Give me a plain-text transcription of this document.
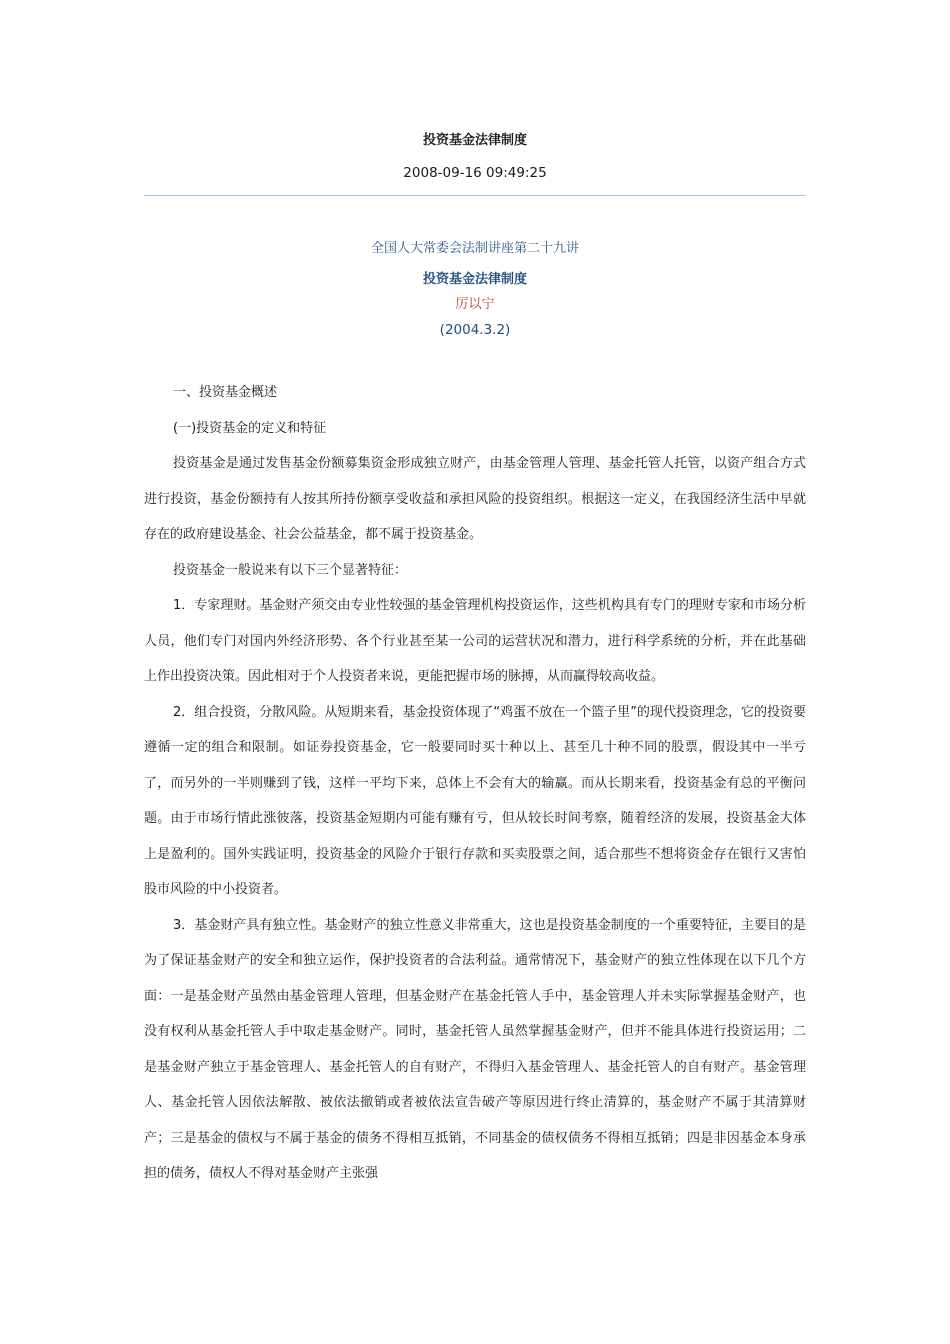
投资基金法律制度
2008-09-16 09:49:25
全国人大常委会法制讲座第二十九讲
投资基金法律制度
厉以宁
(2004.3.2)

一、投资基金概述

(一)投资基金的定义和特征

投资基金是通过发售基金份额募集资金形成独立财产，由基金管理人管理、基金托管人托管，以资产组合方式进行投资，基金份额持有人按其所持份额享受收益和承担风险的投资组织。根据这一定义，在我国经济生活中早就存在的政府建设基金、社会公益基金，都不属于投资基金。

投资基金一般说来有以下三个显著特征：

1．专家理财。基金财产须交由专业性较强的基金管理机构投资运作，这些机构具有专门的理财专家和市场分析人员，他们专门对国内外经济形势、各个行业甚至某一公司的运营状况和潜力，进行科学系统的分析，并在此基础上作出投资决策。因此相对于个人投资者来说，更能把握市场的脉搏，从而赢得较高收益。

2．组合投资，分散风险。从短期来看，基金投资体现了“鸡蛋不放在一个篮子里”的现代投资理念，它的投资要遵循一定的组合和限制。如证券投资基金，它一般要同时买十种以上、甚至几十种不同的股票，假设其中一半亏了，而另外的一半则赚到了钱，这样一平均下来，总体上不会有大的输赢。而从长期来看，投资基金有总的平衡问题。由于市场行情此涨彼落，投资基金短期内可能有赚有亏，但从较长时间考察，随着经济的发展，投资基金大体上是盈利的。国外实践证明，投资基金的风险介于银行存款和买卖股票之间，适合那些不想将资金存在银行又害怕股市风险的中小投资者。

3．基金财产具有独立性。基金财产的独立性意义非常重大，这也是投资基金制度的一个重要特征，主要目的是为了保证基金财产的安全和独立运作，保护投资者的合法利益。通常情况下，基金财产的独立性体现在以下几个方面：一是基金财产虽然由基金管理人管理，但基金财产在基金托管人手中，基金管理人并未实际掌握基金财产，也没有权利从基金托管人手中取走基金财产。同时，基金托管人虽然掌握基金财产，但并不能具体进行投资运用；二是基金财产独立于基金管理人、基金托管人的自有财产，不得归入基金管理人、基金托管人的自有财产。基金管理人、基金托管人因依法解散、被依法撤销或者被依法宣告破产等原因进行终止清算的，基金财产不属于其清算财产；三是基金的债权与不属于基金的债务不得相互抵销，不同基金的债权债务不得相互抵销；四是非因基金本身承担的债务，债权人不得对基金财产主张强
